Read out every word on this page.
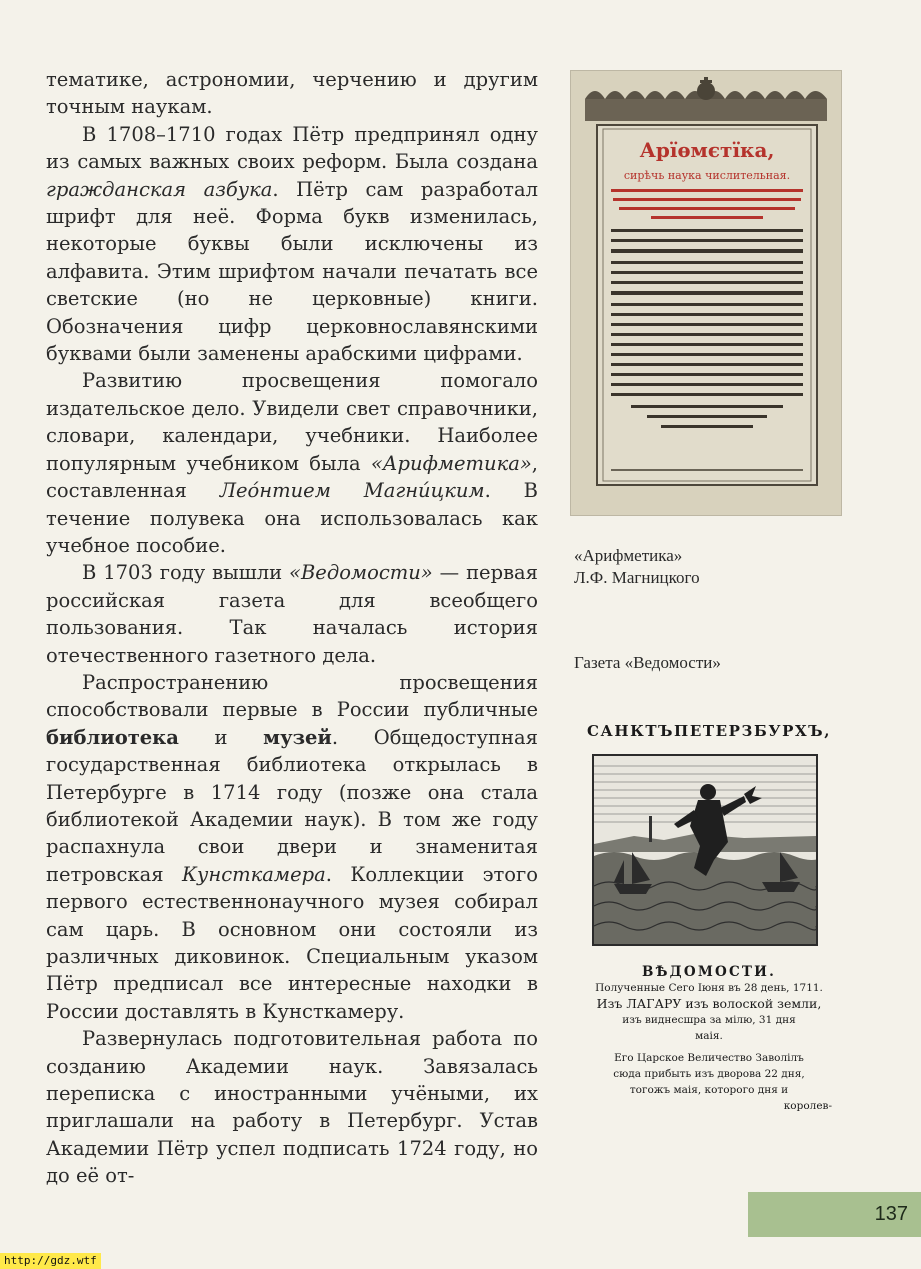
тематике, астрономии, черчению и другим точным наукам.

В 1708–1710 годах Пётр предпринял одну из самых важных своих реформ. Была создана гражданская азбука. Пётр сам разработал шрифт для неё. Форма букв изменилась, некоторые буквы были исключены из алфавита. Этим шрифтом начали печатать все светские (но не церковные) книги. Обозначения цифр церковнославянскими буквами были заменены арабскими цифрами.

Развитию просвещения помогало издательское дело. Увидели свет справочники, словари, календари, учебники. Наиболее популярным учебником была «Арифметика», составленная Лео́нтием Магни́цким. В течение полувека она использовалась как учебное пособие.

В 1703 году вышли «Ведомости» — первая российская газета для всеобщего пользования. Так началась история отечественного газетного дела.

Распространению просвещения способствовали первые в России публичные библиотека и музей. Общедоступная государственная библиотека открылась в Петербурге в 1714 году (позже она стала библиотекой Академии наук). В том же году распахнула свои двери и знаменитая петровская Кунсткамера. Коллекции этого первого естественнонаучного музея собирал сам царь. В основном они состояли из различных диковинок. Специальным указом Пётр предписал все интересные находки в России доставлять в Кунсткамеру.

Развернулась подготовительная работа по созданию Академии наук. Завязалась переписка с иностранными учёными, их приглашали на работу в Петербург. Устав Академии Пётр успел подписать 1724 году, но до её от-

Арїѳмєтїка,
сирѣчь наука числительная.
«Арифметика»
Л.Ф. Магницкого
Газета «Ведомости»
САНКТЪПЕТЕРЗБУРХЪ,
ВѢДОМОСТИ.
Полученные Сего Іюня въ 28 день, 1711.
Изъ ЛАГАРУ изъ волоской земли,
изъ виднесшра за мілю, 31 дня
маія.
Его Царское Величество Заволілъ
сюда прибыть изъ дворова 22 дня,
тогожъ маія, которого дня и
королев-
137
http://gdz.wtf
